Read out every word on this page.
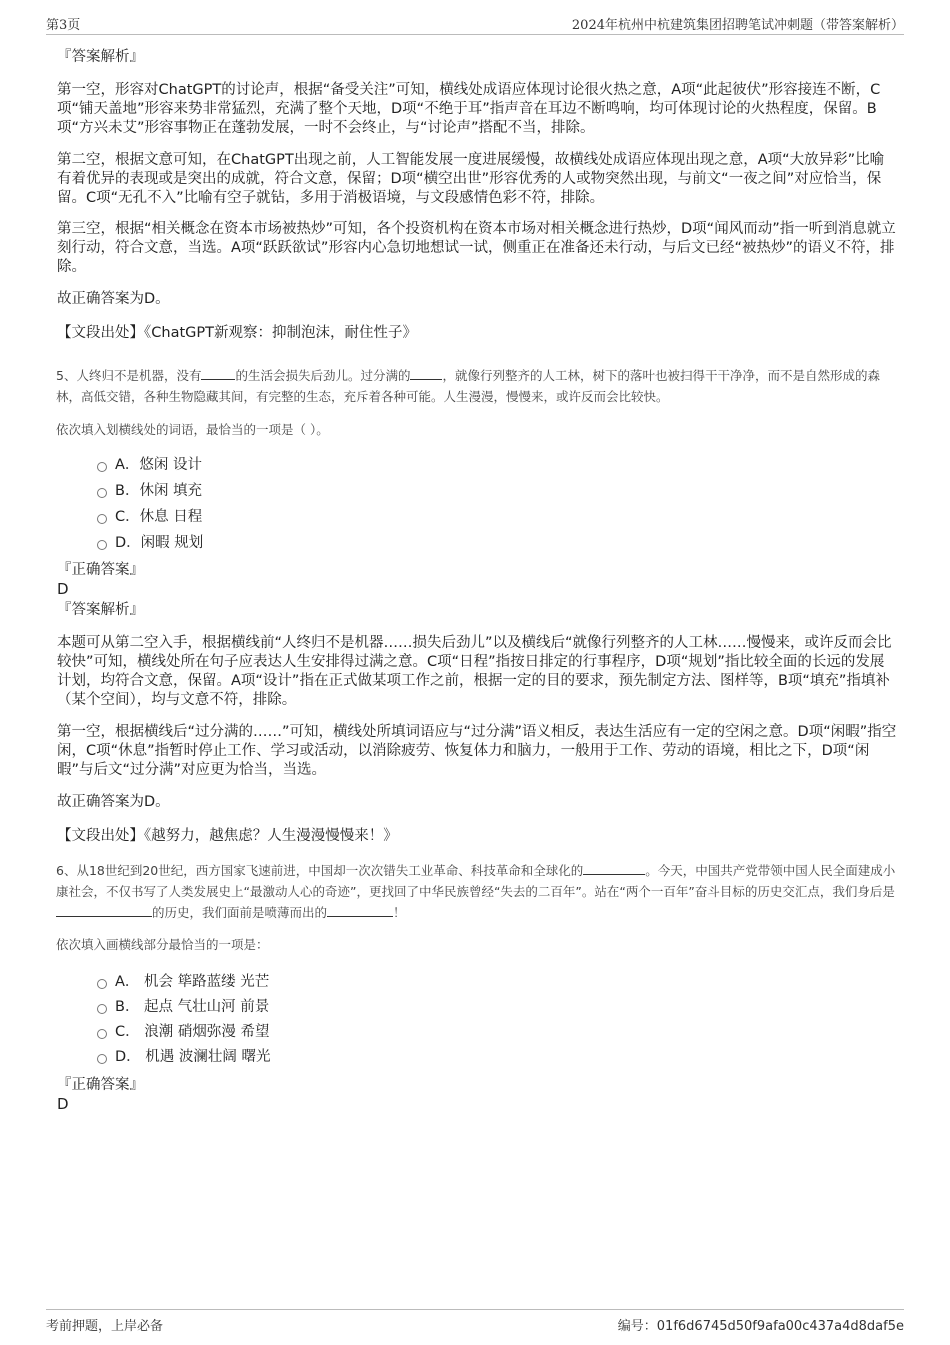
第3页	2024年杭州中杭建筑集团招聘笔试冲刺题（带答案解析）
『答案解析』

第一空，形容对ChatGPT的讨论声，根据“备受关注”可知，横线处成语应体现讨论很火热之意，A项“此起彼伏”形容接连不断，C项“铺天盖地”形容来势非常猛烈，充满了整个天地，D项“不绝于耳”指声音在耳边不断鸣响，均可体现讨论的火热程度，保留。B项“方兴未艾”形容事物正在蓬勃发展，一时不会终止，与“讨论声”搭配不当，排除。

第二空，根据文意可知，在ChatGPT出现之前，人工智能发展一度进展缓慢，故横线处成语应体现出现之意，A项“大放异彩”比喻有着优异的表现或是突出的成就，符合文意，保留；D项“横空出世”形容优秀的人或物突然出现，与前文“一夜之间”对应恰当，保留。C项“无孔不入”比喻有空子就钻，多用于消极语境，与文段感情色彩不符，排除。

第三空，根据“相关概念在资本市场被热炒”可知，各个投资机构在资本市场对相关概念进行热炒，D项“闻风而动”指一听到消息就立刻行动，符合文意，当选。A项“跃跃欲试”形容内心急切地想试一试，侧重正在准备还未行动，与后文已经“被热炒”的语义不符，排除。

故正确答案为D。

【文段出处】《ChatGPT新观察：抑制泡沫，耐住性子》

5、人终归不是机器，没有	的生活会损失后劲儿。过分满的	，就像行列整齐的人工林，树下的落叶也被扫得干干净净，而不是自然形成的森林，高低交错，各种生物隐藏其间，有完整的生态，充斥着各种可能。人生漫漫，慢慢来，或许反而会比较快。

依次填入划横线处的词语，最恰当的一项是（ ）。

A．悠闲 设计
B．休闲 填充
C．休息 日程
D．闲暇 规划
『正确答案』
D
『答案解析』

本题可从第二空入手，根据横线前“人终归不是机器……损失后劲儿”以及横线后“就像行列整齐的人工林……慢慢来，或许反而会比较快”可知，横线处所在句子应表达人生安排得过满之意。C项“日程”指按日排定的行事程序，D项“规划”指比较全面的长远的发展计划，均符合文意，保留。A项“设计”指在正式做某项工作之前，根据一定的目的要求，预先制定方法、图样等，B项“填充”指填补（某个空间），均与文意不符，排除。

第一空，根据横线后“过分满的……”可知，横线处所填词语应与“过分满”语义相反，表达生活应有一定的空闲之意。D项“闲暇”指空闲，C项“休息”指暂时停止工作、学习或活动，以消除疲劳、恢复体力和脑力，一般用于工作、劳动的语境，相比之下，D项“闲暇”与后文“过分满”对应更为恰当，当选。

故正确答案为D。

【文段出处】《越努力，越焦虑？人生漫漫慢慢来！》

6、从18世纪到20世纪，西方国家飞速前进，中国却一次次错失工业革命、科技革命和全球化的	。今天，中国共产党带领中国人民全面建成小康社会，不仅书写了人类发展史上“最激动人心的奇迹”，更找回了中华民族曾经“失去的二百年”。站在“两个一百年”奋斗目标的历史交汇点，我们身后是的历史，我们面前是喷薄而出的	！

依次填入画横线部分最恰当的一项是：

A． 机会 筚路蓝缕 光芒
B． 起点 气壮山河 前景
C． 浪潮 硝烟弥漫 希望
D． 机遇 波澜壮阔 曙光
『正确答案』
D
考前押题，上岸必备	编号：01f6d6745d50f9afa00c437a4d8daf5e
